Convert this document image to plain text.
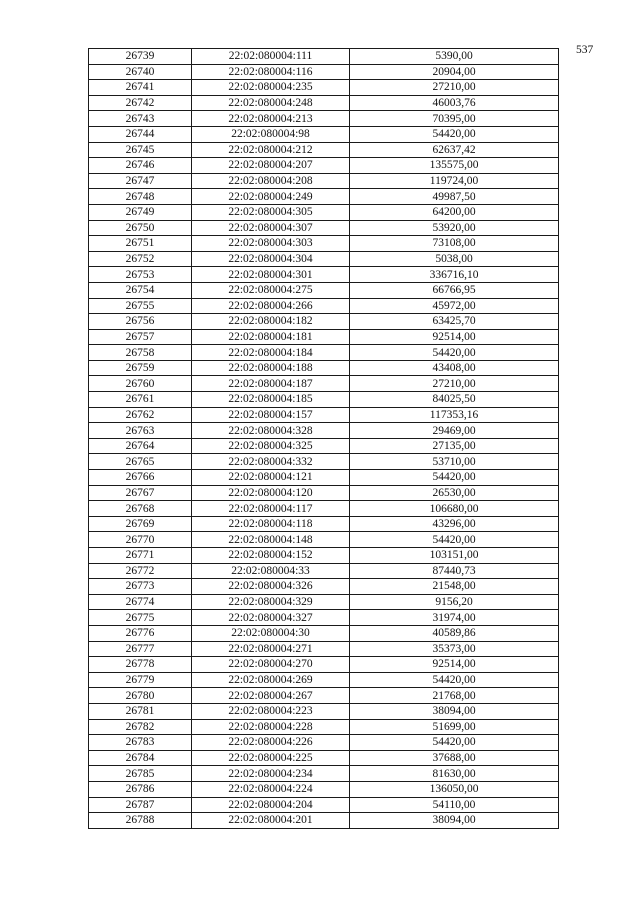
537
26739	22:02:080004:111	5390,00
26740	22:02:080004:116	20904,00
26741	22:02:080004:235	27210,00
26742	22:02:080004:248	46003,76
26743	22:02:080004:213	70395,00
26744	22:02:080004:98	54420,00
26745	22:02:080004:212	62637,42
26746	22:02:080004:207	135575,00
26747	22:02:080004:208	119724,00
26748	22:02:080004:249	49987,50
26749	22:02:080004:305	64200,00
26750	22:02:080004:307	53920,00
26751	22:02:080004:303	73108,00
26752	22:02:080004:304	5038,00
26753	22:02:080004:301	336716,10
26754	22:02:080004:275	66766,95
26755	22:02:080004:266	45972,00
26756	22:02:080004:182	63425,70
26757	22:02:080004:181	92514,00
26758	22:02:080004:184	54420,00
26759	22:02:080004:188	43408,00
26760	22:02:080004:187	27210,00
26761	22:02:080004:185	84025,50
26762	22:02:080004:157	117353,16
26763	22:02:080004:328	29469,00
26764	22:02:080004:325	27135,00
26765	22:02:080004:332	53710,00
26766	22:02:080004:121	54420,00
26767	22:02:080004:120	26530,00
26768	22:02:080004:117	106680,00
26769	22:02:080004:118	43296,00
26770	22:02:080004:148	54420,00
26771	22:02:080004:152	103151,00
26772	22:02:080004:33	87440,73
26773	22:02:080004:326	21548,00
26774	22:02:080004:329	9156,20
26775	22:02:080004:327	31974,00
26776	22:02:080004:30	40589,86
26777	22:02:080004:271	35373,00
26778	22:02:080004:270	92514,00
26779	22:02:080004:269	54420,00
26780	22:02:080004:267	21768,00
26781	22:02:080004:223	38094,00
26782	22:02:080004:228	51699,00
26783	22:02:080004:226	54420,00
26784	22:02:080004:225	37688,00
26785	22:02:080004:234	81630,00
26786	22:02:080004:224	136050,00
26787	22:02:080004:204	54110,00
26788	22:02:080004:201	38094,00
